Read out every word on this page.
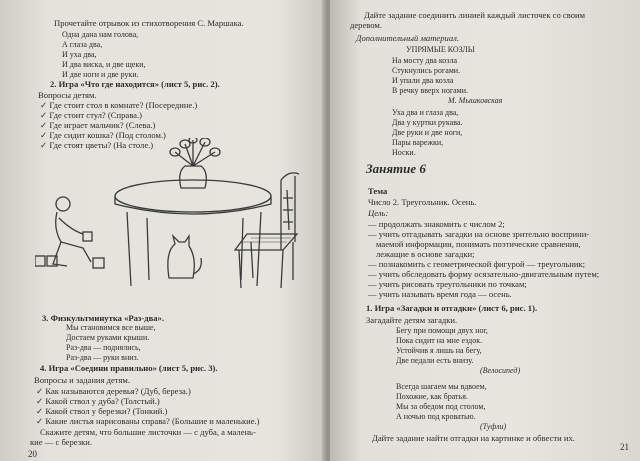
Прочетайте отрывок из стихотворения С. Маршака.
Одна дана нам голова,
А глаза два,
И уха два,
И два виска, и две щеки,
И две ноги и две руки.
2. Игра «Что где находится» (лист 5, рис. 2).
Вопросы детям.
✓ Где стоит стол в комнате? (Посередине.)
✓ Где стоит стул? (Справа.)
✓ Где играет мальчик? (Слева.)
✓ Где сидит кошка? (Под столом.)
✓ Где стоят цветы? (На столе.)
3. Физкультминутка «Раз-два».
Мы становимся все выше,
Достаем руками крыши.
Раз-два — поднялись,
Раз-два — руки вниз.
4. Игра «Соедини правильно» (лист 5, рис. 3).
Вопросы и задания детям.
✓ Как называются деревья? (Дуб, береза.)
✓ Какой ствол у дуба? (Толстый.)
✓ Какой ствол у березки? (Тонкий.)
✓ Какие листья нарисованы справа? (Большие и маленькие.)
Скажите детям, что большие листочки — с дуба, а малень-
кие — с березки.
20
Дайте задание соединить линией каждый листочек со своим
деревом.
Дополнительный материал.
УПРЯМЫЕ КОЗЛЫ
На мосту два козла
Стукнулись рогами.
И упали два козла
В речку вверх ногами.
М. Мышковская
Уха два и глаза два,
Два у куртки рукава.
Две руки и две ноги,
Пары варежки,
Носки.
Занятие 6
Тема
Число 2. Треугольник. Осень.
Цель:
— продолжать знакомить с числом 2;
— учить отгадывать загадки на основе зрительно восприни-
маемой информации, понимать поэтические сравнения,
лежащие в основе загадки;
— познакомить с геометрической фигурой — треугольник;
— учить обследовать форму осязательно-двигательным путем;
— учить рисовать треугольники по точкам;
— учить называть время года — осень.
1. Игра «Загадки и отгадки» (лист 6, рис. 1).
Загадайте детям загадки.
Бегу при помощи двух ног,
Пока сидит на мне ездок.
Устойчив я лишь на бегу,
Две педали есть внизу.
(Велосипед)
Всегда шагаем мы вдвоем,
Похожие, как братья.
Мы за обедом под столом,
А ночью под кроватью.
(Туфли)
Дайте задание найти отгадки на картинке и обвести их.
21
